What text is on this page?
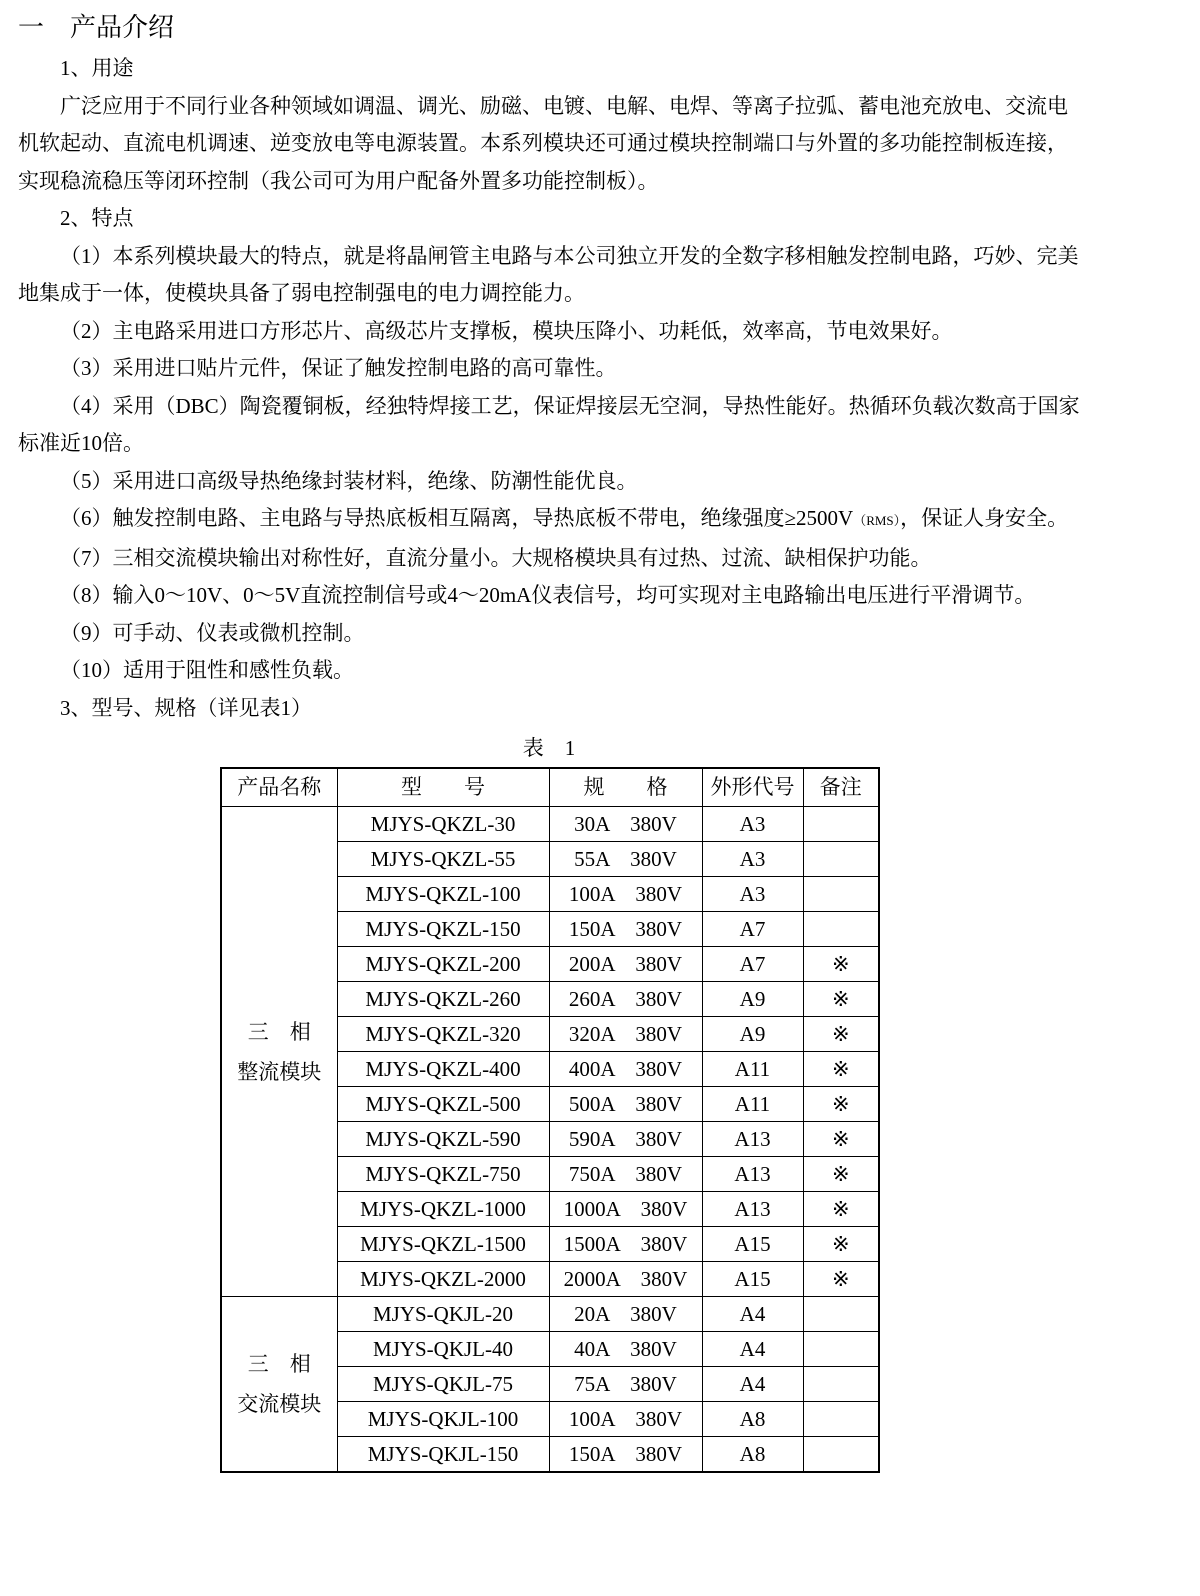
一　产品介绍

1、用途

广泛应用于不同行业各种领域如调温、调光、励磁、电镀、电解、电焊、等离子拉弧、蓄电池充放电、交流电机软起动、直流电机调速、逆变放电等电源装置。本系列模块还可通过模块控制端口与外置的多功能控制板连接，实现稳流稳压等闭环控制（我公司可为用户配备外置多功能控制板）。

2、特点

（1）本系列模块最大的特点，就是将晶闸管主电路与本公司独立开发的全数字移相触发控制电路，巧妙、完美地集成于一体，使模块具备了弱电控制强电的电力调控能力。

（2）主电路采用进口方形芯片、高级芯片支撑板，模块压降小、功耗低，效率高，节电效果好。

（3）采用进口贴片元件，保证了触发控制电路的高可靠性。

（4）采用（DBC）陶瓷覆铜板，经独特焊接工艺，保证焊接层无空洞，导热性能好。热循环负载次数高于国家标准近10倍。

（5）采用进口高级导热绝缘封装材料，绝缘、防潮性能优良。

（6）触发控制电路、主电路与导热底板相互隔离，导热底板不带电，绝缘强度≥2500V（RMS），保证人身安全。

（7）三相交流模块输出对称性好，直流分量小。大规格模块具有过热、过流、缺相保护功能。

（8）输入0～10V、0～5V直流控制信号或4～20mA仪表信号，均可实现对主电路输出电压进行平滑调节。

（9）可手动、仪表或微机控制。

（10）适用于阻性和感性负载。

3、型号、规格（详见表1）

表　1
产品名称	型　　号	规　　格	外形代号	备注

三　相
整流模块	MJYS-QKZL-30	30A　380V	A3	
	MJYS-QKZL-55	55A　380V	A3	
	MJYS-QKZL-100	100A　380V	A3	
	MJYS-QKZL-150	150A　380V	A7	
	MJYS-QKZL-200	200A　380V	A7	※
	MJYS-QKZL-260	260A　380V	A9	※
	MJYS-QKZL-320	320A　380V	A9	※
	MJYS-QKZL-400	400A　380V	A11	※
	MJYS-QKZL-500	500A　380V	A11	※
	MJYS-QKZL-590	590A　380V	A13	※
	MJYS-QKZL-750	750A　380V	A13	※
	MJYS-QKZL-1000	1000A　380V	A13	※
	MJYS-QKZL-1500	1500A　380V	A15	※
	MJYS-QKZL-2000	2000A　380V	A15	※

三　相
交流模块	MJYS-QKJL-20	20A　380V	A4	
	MJYS-QKJL-40	40A　380V	A4	
	MJYS-QKJL-75	75A　380V	A4	
	MJYS-QKJL-100	100A　380V	A8	
	MJYS-QKJL-150	150A　380V	A8	
